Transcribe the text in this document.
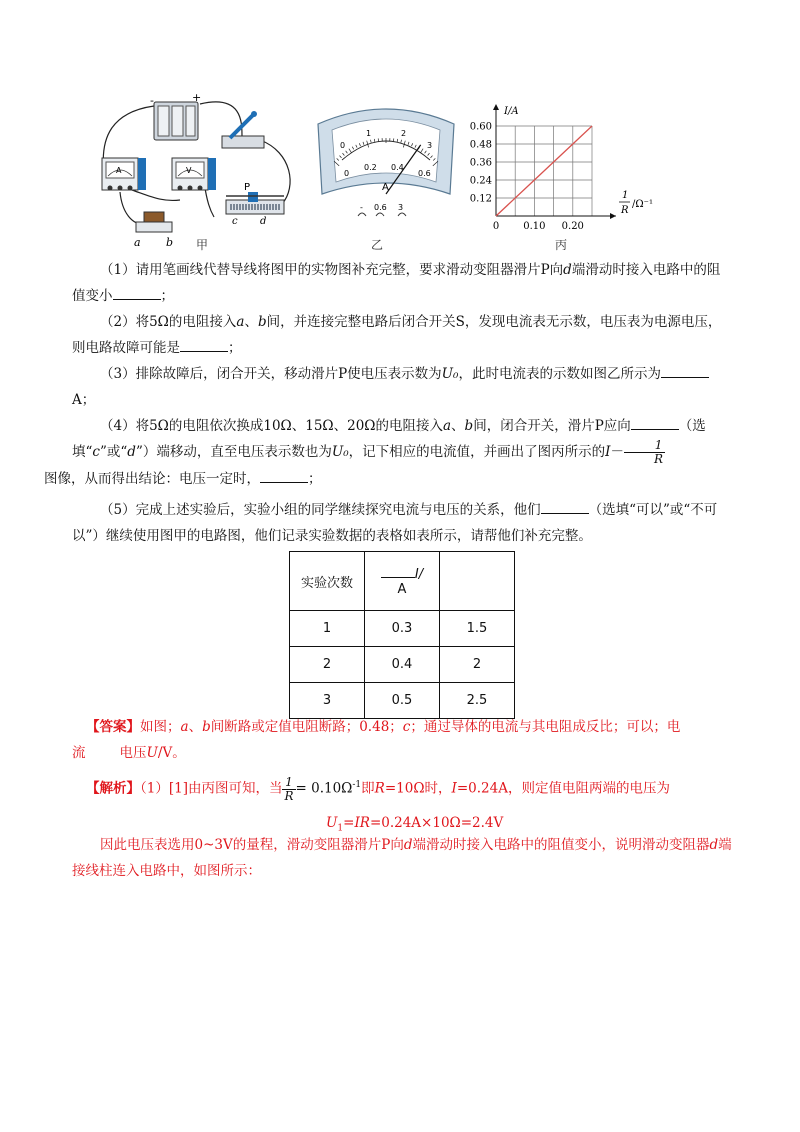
-	+
A	V
a b
P
c d
甲
0
1	2
3
0
0.2 0.4
0.6
A
- 0.6 3
乙
0.12
0.24
0.36
0.48
0.60
0 0.10 0.20
I/A
1
R
/Ω⁻¹
丙
（1）请用笔画线代替导线将图甲的实物图补充完整，要求滑动变阻器滑片P向d端滑动时接入电路中的阻值变小	；
（2）将5Ω的电阻接入a、b间，并连接完整电路后闭合开关S，发现电流表无示数，电压表为电源电压，则电路故障可能是	；
（3）排除故障后，闭合开关，移动滑片P使电压表示数为U₀，此时电流表的示数如图乙所示为A；
（4）将5Ω的电阻依次换成10Ω、15Ω、20Ω的电阻接入a、b间，闭合开关，滑片P应向	（选填“c”或“d”）端移动，直至电压表示数也为U₀，记下相应的电流值，并画出了图丙所示的$I- \frac{1}{R}$

图像，从而得出结论：电压一定时，	；
（5）完成上述实验后，实验小组的同学继续探究电流与电压的关系，他们	（选填“可以”或“不可以”）继续使用图甲的电路图，他们记录实验数据的表格如表所示，请帮他们补充完整。
实验次数	I/
A	

1	0.3	1.5
2	0.4	2
3	0.5	2.5
【答案】如图；a、b间断路或定值电阻断路；0.48；c；通过导体的电流与其电阻成反比；可以；电
流	电压U/V。
【解析】（1）[1]由丙图可知，当 $\frac{1}{R} = 0.10\Omega^{-1}$即R=10Ω时，I=0.24A，则定值电阻两端的电压为
$U_1=IR=0.24A\times 10\Omega=2.4V$
因此电压表选用0~3V的量程，滑动变阻器滑片P向d端滑动时接入电路中的阻值变小，说明滑动变阻器d端接线柱连入电路中，如图所示：
